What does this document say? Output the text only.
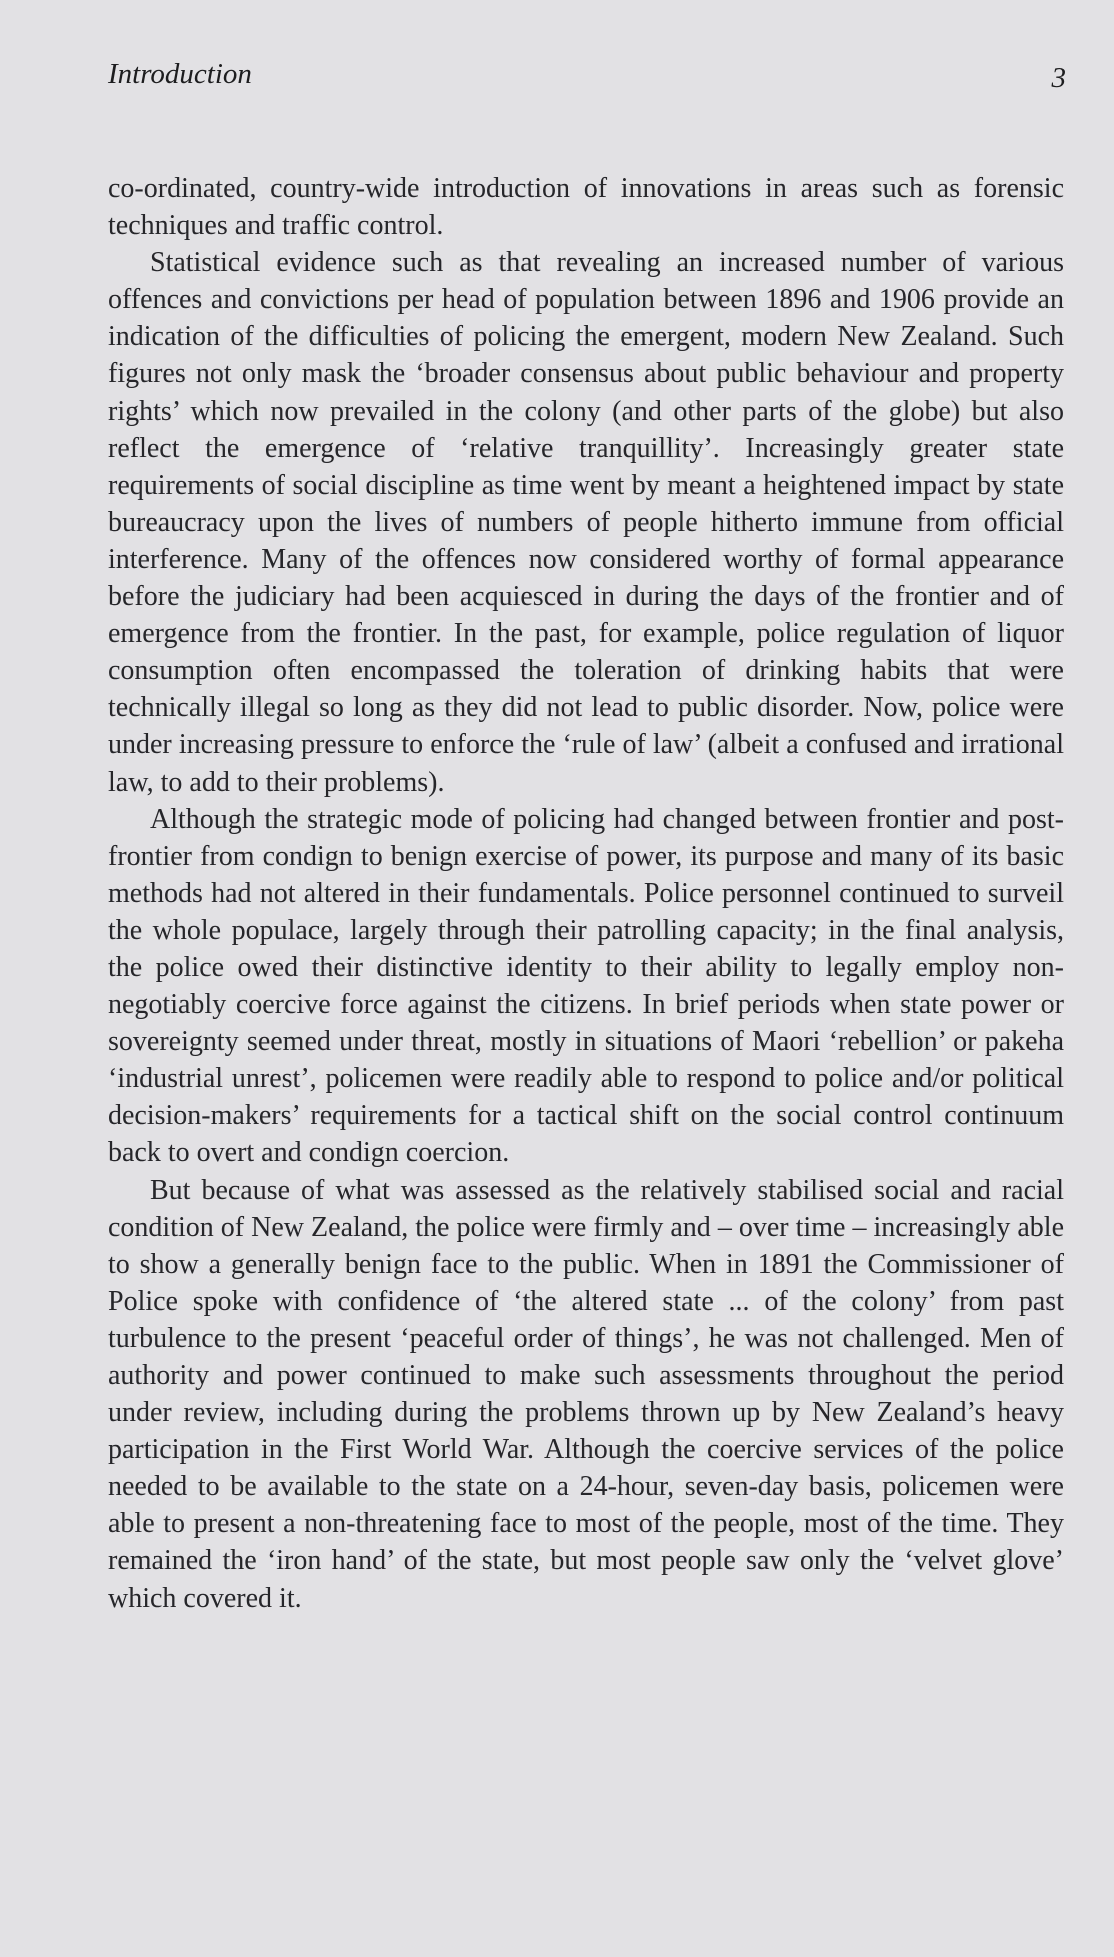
Introduction	3

co-ordinated, country-wide introduction of innovations in areas such as forensic techniques and traffic control.

Statistical evidence such as that revealing an increased number of various offences and convictions per head of population between 1896 and 1906 provide an indication of the difficulties of policing the emergent, modern New Zealand. Such figures not only mask the ‘broader consensus about public behaviour and property rights’ which now prevailed in the colony (and other parts of the globe) but also reflect the emergence of ‘relative tranquillity’. Increasingly greater state requirements of social discipline as time went by meant a heightened impact by state bureaucracy upon the lives of numbers of people hitherto immune from official interference. Many of the offences now considered worthy of formal appearance before the judiciary had been acquiesced in during the days of the frontier and of emergence from the frontier. In the past, for example, police regulation of liquor consumption often encompassed the toleration of drinking habits that were technically illegal so long as they did not lead to public disorder. Now, police were under increasing pressure to enforce the ‘rule of law’ (albeit a confused and irrational law, to add to their problems).

Although the strategic mode of policing had changed between frontier and post-frontier from condign to benign exercise of power, its purpose and many of its basic methods had not altered in their fundamentals. Police personnel continued to surveil the whole populace, largely through their patrolling capacity; in the final analysis, the police owed their distinctive identity to their ability to legally employ non-negotiably coercive force against the citizens. In brief periods when state power or sovereignty seemed under threat, mostly in situations of Maori ‘rebellion’ or pakeha ‘industrial unrest’, policemen were readily able to respond to police and/or political decision-makers’ requirements for a tactical shift on the social control continuum back to overt and condign coercion.

But because of what was assessed as the relatively stabilised social and racial condition of New Zealand, the police were firmly and – over time – increasingly able to show a generally benign face to the public. When in 1891 the Commissioner of Police spoke with confidence of ‘the altered state ... of the colony’ from past turbulence to the present ‘peaceful order of things’, he was not challenged. Men of authority and power continued to make such assessments throughout the period under review, including during the problems thrown up by New Zealand’s heavy participation in the First World War. Although the coercive services of the police needed to be available to the state on a 24-hour, seven-day basis, policemen were able to present a non-threatening face to most of the people, most of the time. They remained the ‘iron hand’ of the state, but most people saw only the ‘velvet glove’ which covered it.
